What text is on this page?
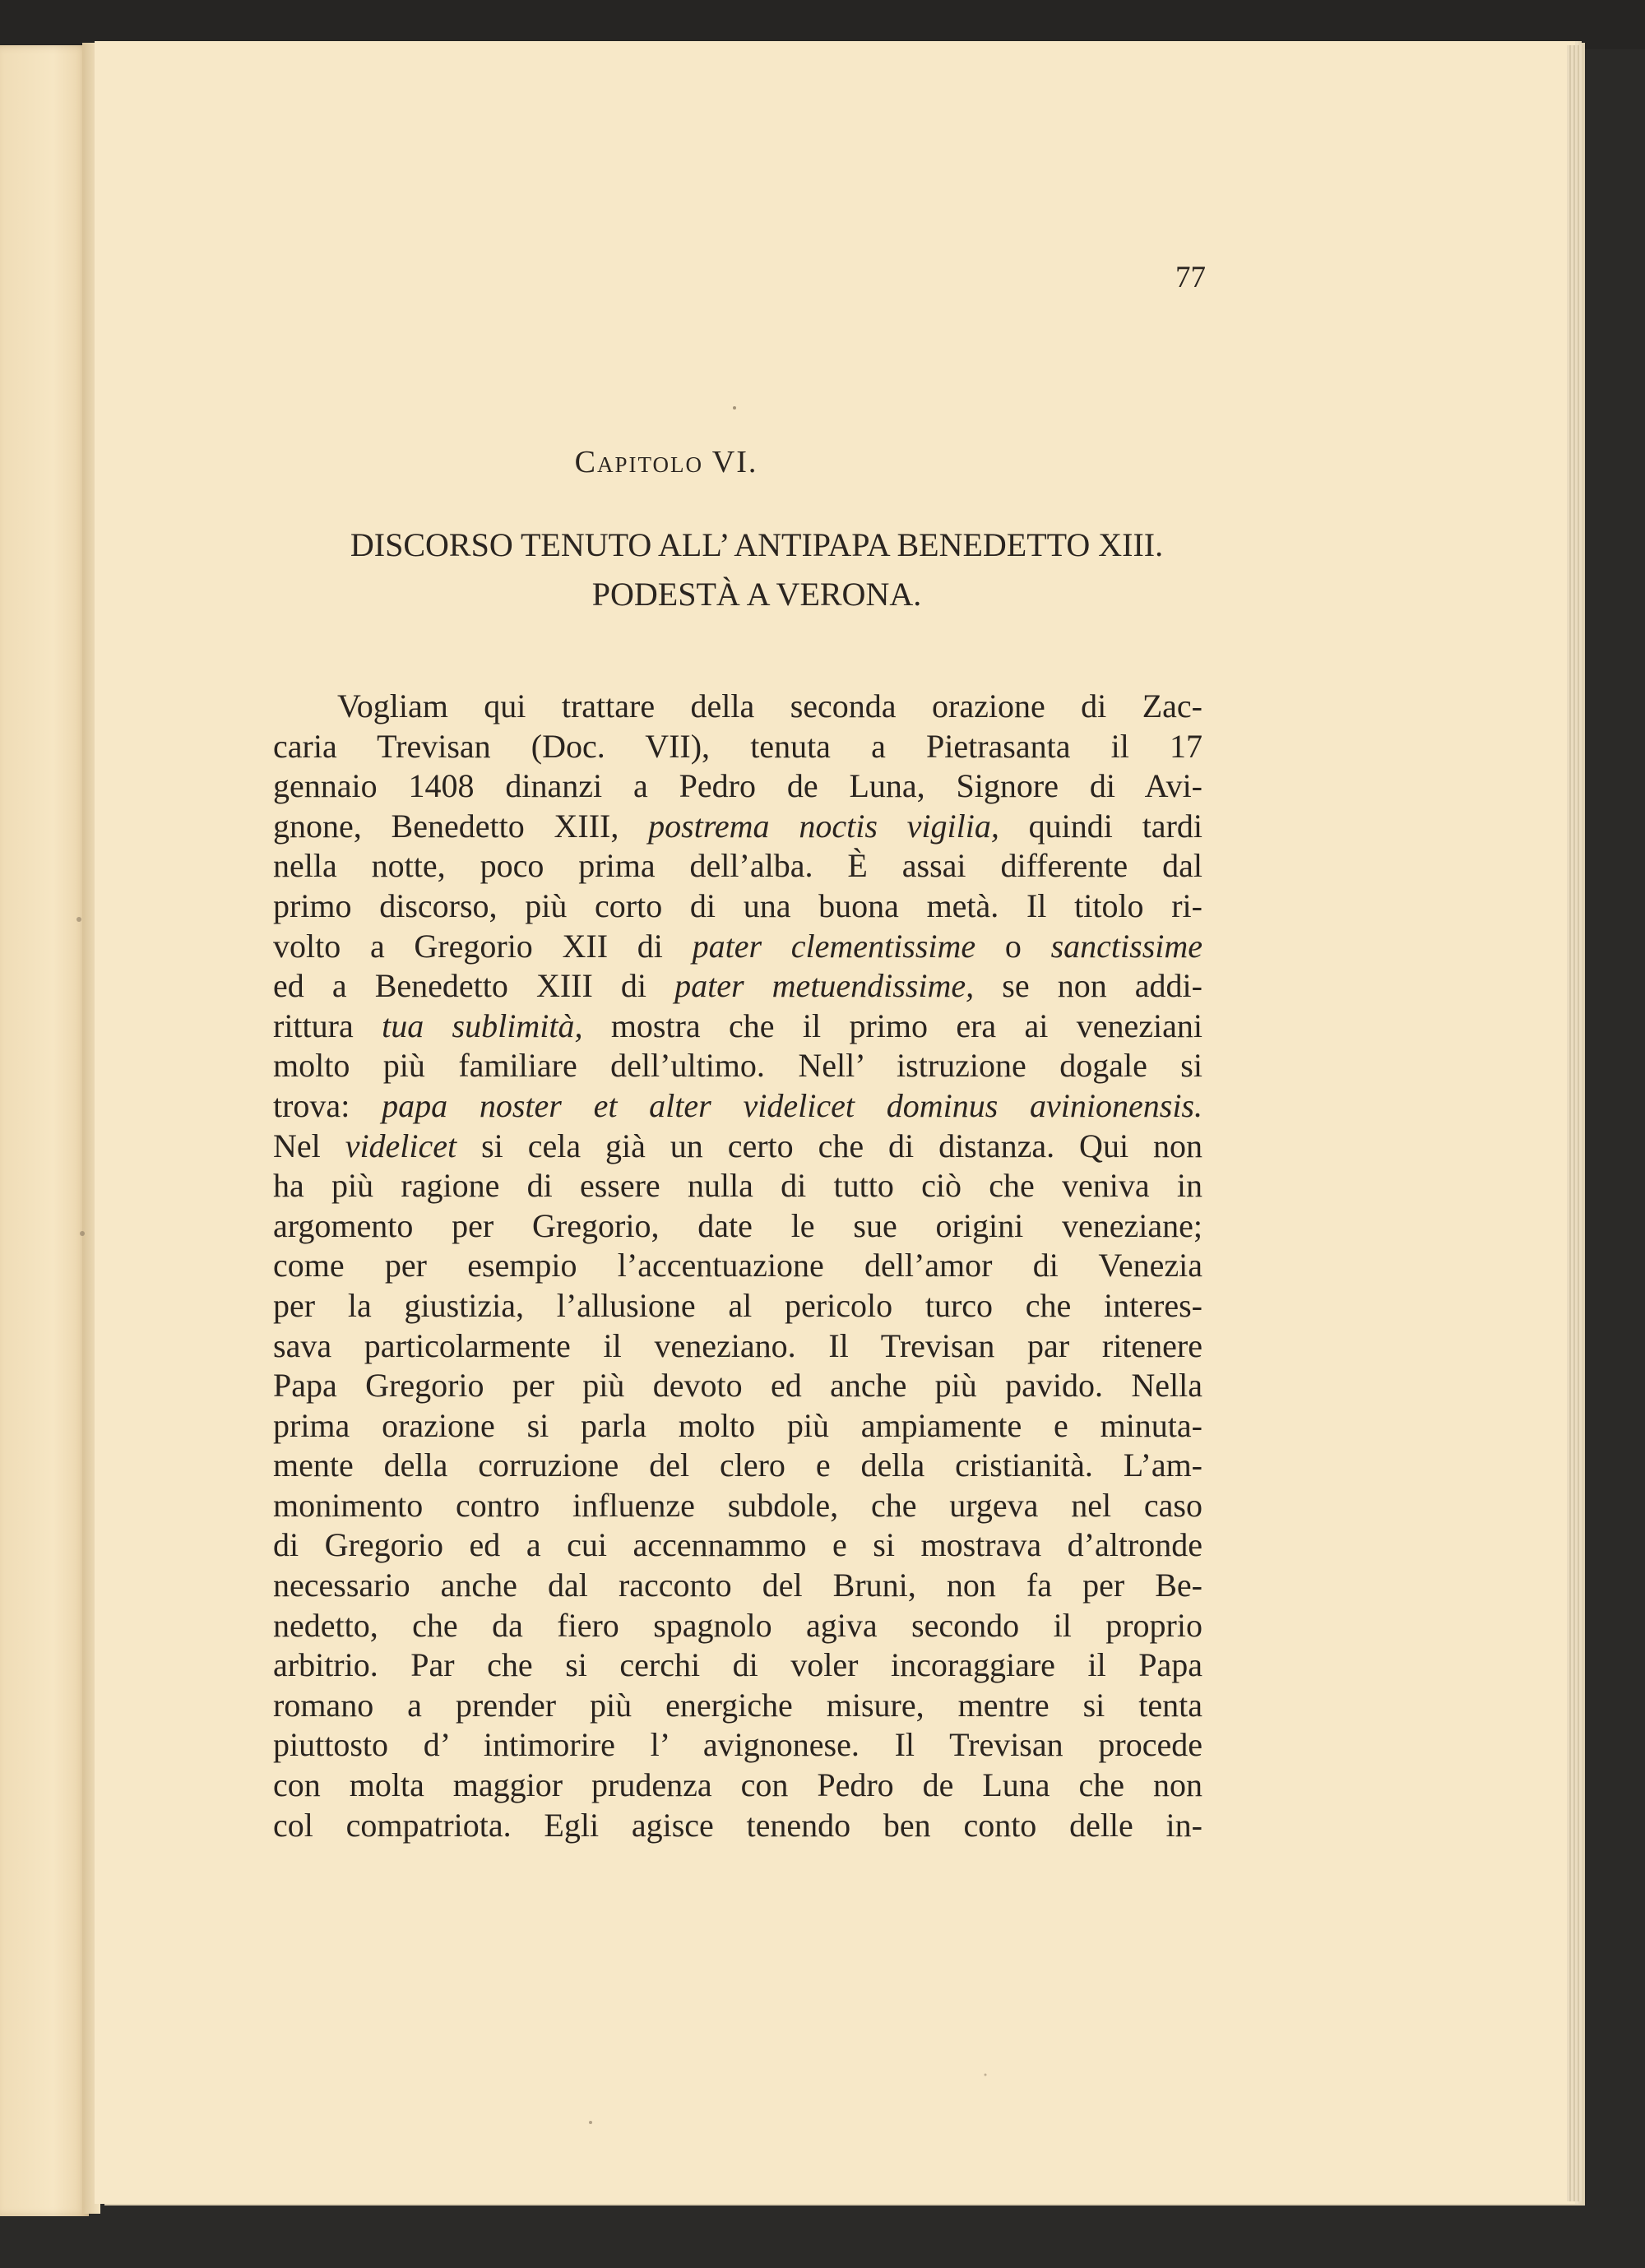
77
Capitolo VI.
DISCORSO TENUTO ALL’ ANTIPAPA BENEDETTO XIII.
PODESTÀ A VERONA.
Vogliam qui trattare della seconda orazione di Zac-
caria Trevisan (Doc. VII), tenuta a Pietrasanta il 17
gennaio 1408 dinanzi a Pedro de Luna, Signore di Avi-
gnone, Benedetto XIII, postrema noctis vigilia, quindi tardi
nella notte, poco prima dell’alba. È assai differente dal
primo discorso, più corto di una buona metà. Il titolo ri-
volto a Gregorio XII di pater clementissime o sanctissime
ed a Benedetto XIII di pater metuendissime, se non addi-
rittura tua sublimità, mostra che il primo era ai veneziani
molto più familiare dell’ultimo. Nell’ istruzione dogale si
trova: papa noster et alter videlicet dominus avinionensis.
Nel videlicet si cela già un certo che di distanza. Qui non
ha più ragione di essere nulla di tutto ciò che veniva in
argomento per Gregorio, date le sue origini veneziane;
come per esempio l’accentuazione dell’amor di Venezia
per la giustizia, l’allusione al pericolo turco che interes-
sava particolarmente il veneziano. Il Trevisan par ritenere
Papa Gregorio per più devoto ed anche più pavido. Nella
prima orazione si parla molto più ampiamente e minuta-
mente della corruzione del clero e della cristianità. L’am-
monimento contro influenze subdole, che urgeva nel caso
di Gregorio ed a cui accennammo e si mostrava d’altronde
necessario anche dal racconto del Bruni, non fa per Be-
nedetto, che da fiero spagnolo agiva secondo il proprio
arbitrio. Par che si cerchi di voler incoraggiare il Papa
romano a prender più energiche misure, mentre si tenta
piuttosto d’ intimorire l’ avignonese. Il Trevisan procede
con molta maggior prudenza con Pedro de Luna che non
col compatriota. Egli agisce tenendo ben conto delle in-
